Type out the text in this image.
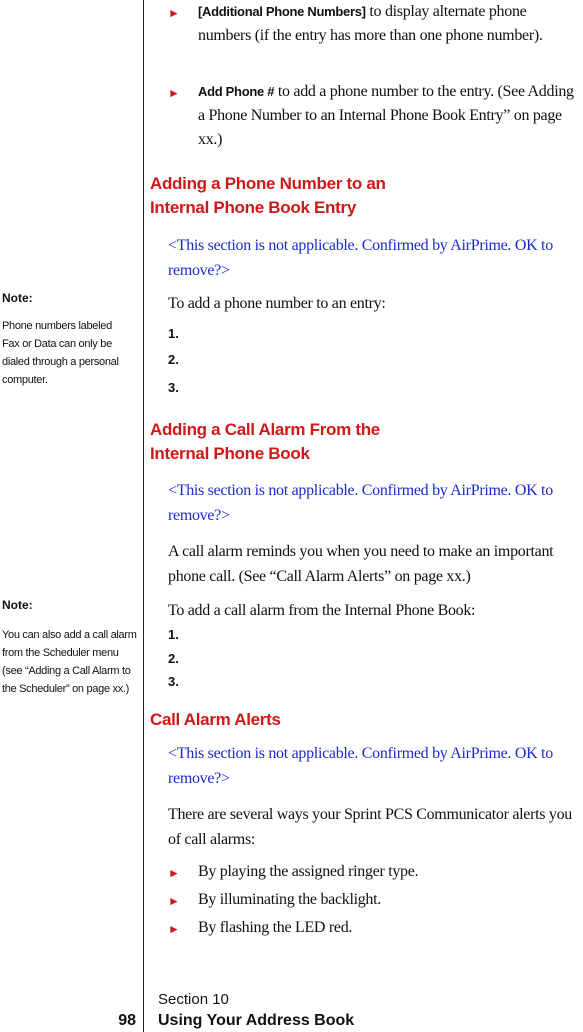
► [Additional Phone Numbers] to display alternate phone numbers (if the entry has more than one phone number).
► Add Phone # to add a phone number to the entry. (See Adding a Phone Number to an Internal Phone Book Entry” on page xx.)
Adding a Phone Number to an Internal Phone Book Entry
<This section is not applicable. Confirmed by AirPrime. OK to remove?>
To add a phone number to an entry:
1.
2.
3.
Note:
Phone numbers labeled Fax or Data can only be dialed through a personal computer.
Adding a Call Alarm From the Internal Phone Book
<This section is not applicable. Confirmed by AirPrime. OK to remove?>
A call alarm reminds you when you need to make an important phone call. (See “Call Alarm Alerts” on page xx.)
To add a call alarm from the Internal Phone Book:
1.
2.
3.
Note:
You can also add a call alarm from the Scheduler menu (see “Adding a Call Alarm to the Scheduler” on page xx.)
Call Alarm Alerts
<This section is not applicable. Confirmed by AirPrime. OK to remove?>
There are several ways your Sprint PCS Communicator alerts you of call alarms:
► By playing the assigned ringer type.
► By illuminating the backlight.
► By flashing the LED red.
Section 10
98 Using Your Address Book
